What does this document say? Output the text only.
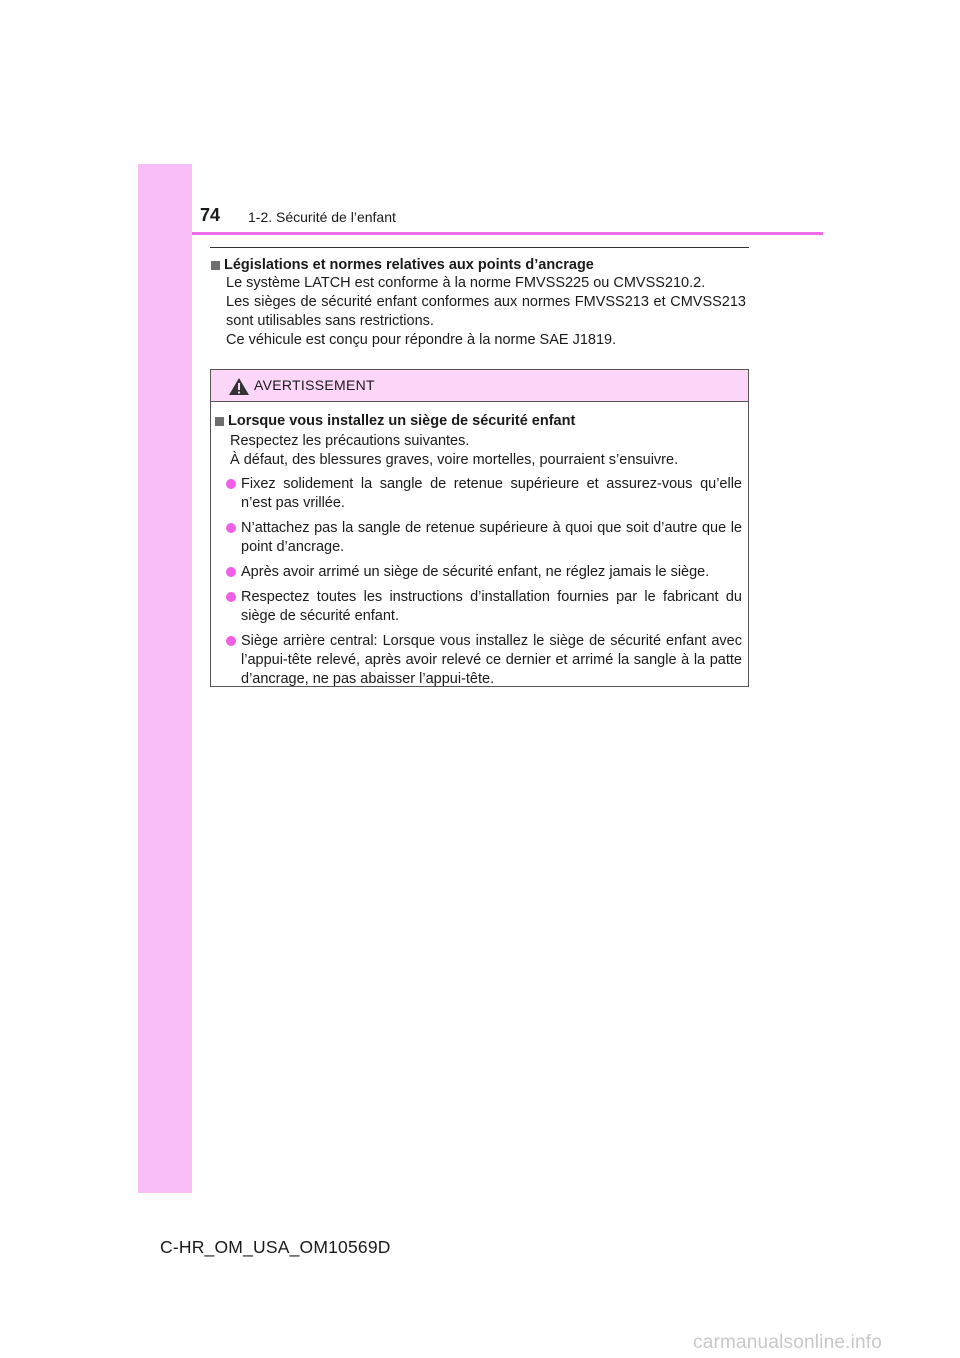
74 1-2. Sécurité de l’enfant
Législations et normes relatives aux points d’ancrage

Le système LATCH est conforme à la norme FMVSS225 ou CMVSS210.2.

Les sièges de sécurité enfant conformes aux normes FMVSS213 et CMVSS213 sont utilisables sans restrictions.

Ce véhicule est conçu pour répondre à la norme SAE J1819.

AVERTISSEMENT
Lorsque vous installez un siège de sécurité enfant

Respectez les précautions suivantes.

À défaut, des blessures graves, voire mortelles, pourraient s’ensuivre.

Fixez solidement la sangle de retenue supérieure et assurez-vous qu’elle n’est pas vrillée.
N’attachez pas la sangle de retenue supérieure à quoi que soit d’autre que le point d’ancrage.
Après avoir arrimé un siège de sécurité enfant, ne réglez jamais le siège.
Respectez toutes les instructions d’installation fournies par le fabricant du siège de sécurité enfant.
Siège arrière central: Lorsque vous installez le siège de sécurité enfant avec l’appui-tête relevé, après avoir relevé ce dernier et arrimé la sangle à la patte d’ancrage, ne pas abaisser l’appui-tête.
C-HR_OM_USA_OM10569D
carmanualsonline.info
